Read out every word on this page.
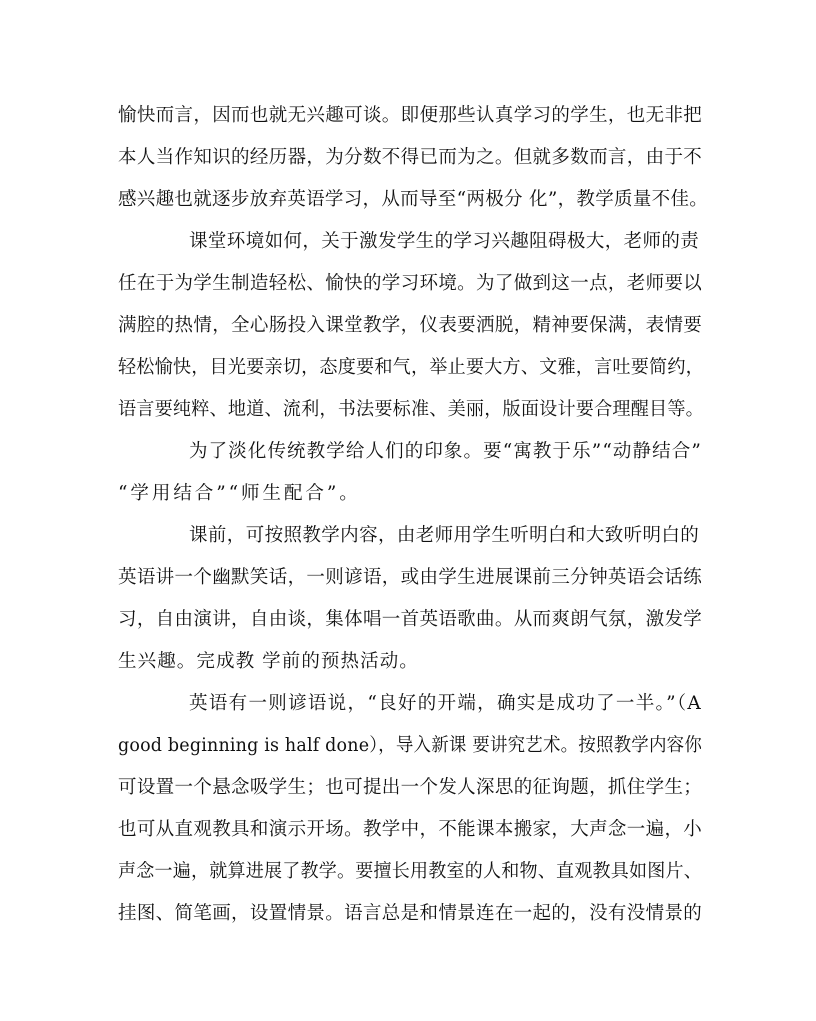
愉快而言，因而也就无兴趣可谈。即便那些认真学习的学生，也无非把
本人当作知识的经历器，为分数不得已而为之。但就多数而言，由于不
感兴趣也就逐步放弃英语学习，从而导至“两极分 化”，教学质量不佳。
课堂环境如何，关于激发学生的学习兴趣阻碍极大，老师的责
任在于为学生制造轻松、愉快的学习环境。为了做到这一点，老师要以
满腔的热情，全心肠投入课堂教学，仪表要洒脱，精神要保满，表情要
轻松愉快，目光要亲切，态度要和气，举止要大方、文雅，言吐要简约，
语言要纯粹、地道、流利，书法要标准、美丽，版面设计要合理醒目等。
为了淡化传统教学给人们的印象。要“寓教于乐”“动静结合”
“学用结合”“师生配合”。
课前，可按照教学内容，由老师用学生听明白和大致听明白的
英语讲一个幽默笑话，一则谚语，或由学生进展课前三分钟英语会话练
习，自由演讲，自由谈，集体唱一首英语歌曲。从而爽朗气氛，激发学
生兴趣。完成教 学前的预热活动。
英语有一则谚语说，“良好的开端，确实是成功了一半。”（A
good beginning is half done），导入新课 要讲究艺术。按照教学内容你
可设置一个悬念吸学生；也可提出一个发人深思的征询题，抓住学生；
也可从直观教具和演示开场。教学中，不能课本搬家，大声念一遍，小
声念一遍，就算进展了教学。要擅长用教室的人和物、直观教具如图片、
挂图、简笔画，设置情景。语言总是和情景连在一起的，没有没情景的
